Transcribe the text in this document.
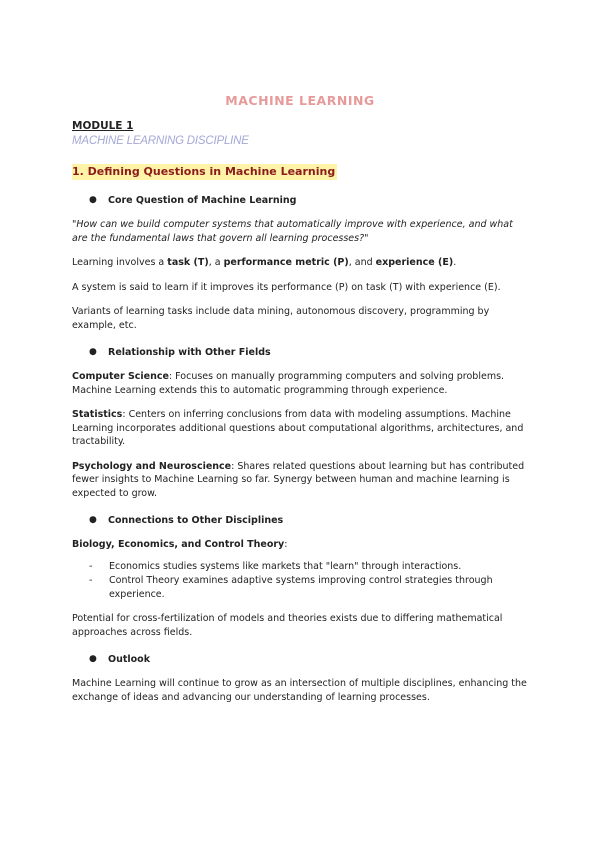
MACHINE LEARNING
MODULE 1
MACHINE LEARNING DISCIPLINE
1. Defining Questions in Machine Learning
●	Core Question of Machine Learning

"How can we build computer systems that automatically improve with experience, and what are the fundamental laws that govern all learning processes?"

Learning involves a task (T), a performance metric (P), and experience (E).

A system is said to learn if it improves its performance (P) on task (T) with experience (E).

Variants of learning tasks include data mining, autonomous discovery, programming by example, etc.

●	Relationship with Other Fields

Computer Science: Focuses on manually programming computers and solving problems. Machine Learning extends this to automatic programming through experience.

Statistics: Centers on inferring conclusions from data with modeling assumptions. Machine Learning incorporates additional questions about computational algorithms, architectures, and tractability.

Psychology and Neuroscience: Shares related questions about learning but has contributed fewer insights to Machine Learning so far. Synergy between human and machine learning is expected to grow.

●	Connections to Other Disciplines

Biology, Economics, and Control Theory:

- Economics studies systems like markets that "learn" through interactions.
- Control Theory examines adaptive systems improving control strategies through experience.

Potential for cross-fertilization of models and theories exists due to differing mathematical approaches across fields.

●	Outlook

Machine Learning will continue to grow as an intersection of multiple disciplines, enhancing the exchange of ideas and advancing our understanding of learning processes.
